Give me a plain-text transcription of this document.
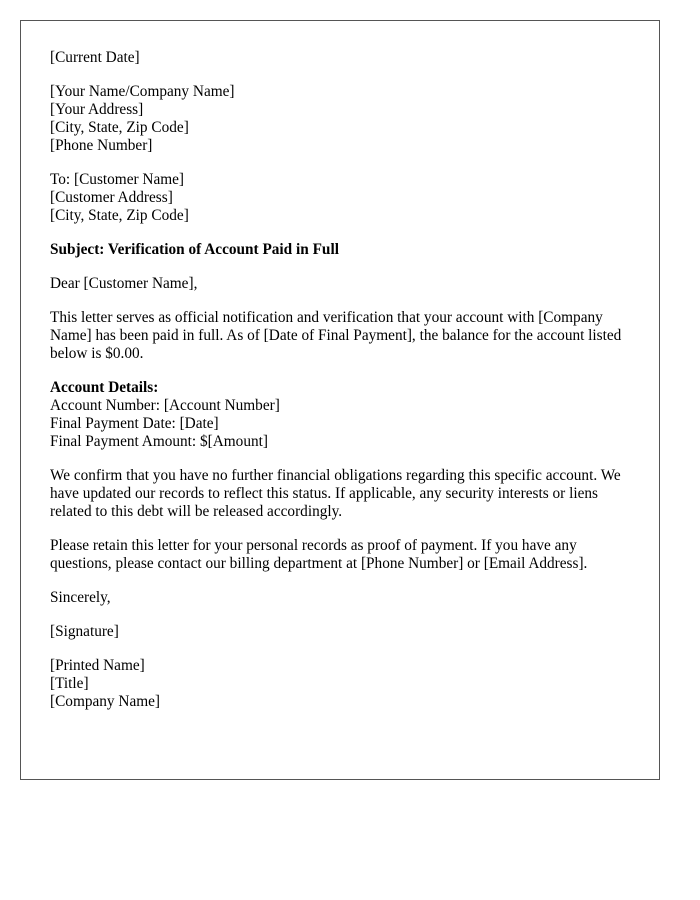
[Current Date]
[Your Name/Company Name]
[Your Address]
[City, State, Zip Code]
[Phone Number]
To: [Customer Name]
[Customer Address]
[City, State, Zip Code]
Subject: Verification of Account Paid in Full
Dear [Customer Name],
This letter serves as official notification and verification that your account with [Company Name] has been paid in full. As of [Date of Final Payment], the balance for the account listed below is $0.00.
Account Details:
Account Number: [Account Number]
Final Payment Date: [Date]
Final Payment Amount: $[Amount]
We confirm that you have no further financial obligations regarding this specific account. We have updated our records to reflect this status. If applicable, any security interests or liens related to this debt will be released accordingly.
Please retain this letter for your personal records as proof of payment. If you have any questions, please contact our billing department at [Phone Number] or [Email Address].
Sincerely,
[Signature]
[Printed Name]
[Title]
[Company Name]
